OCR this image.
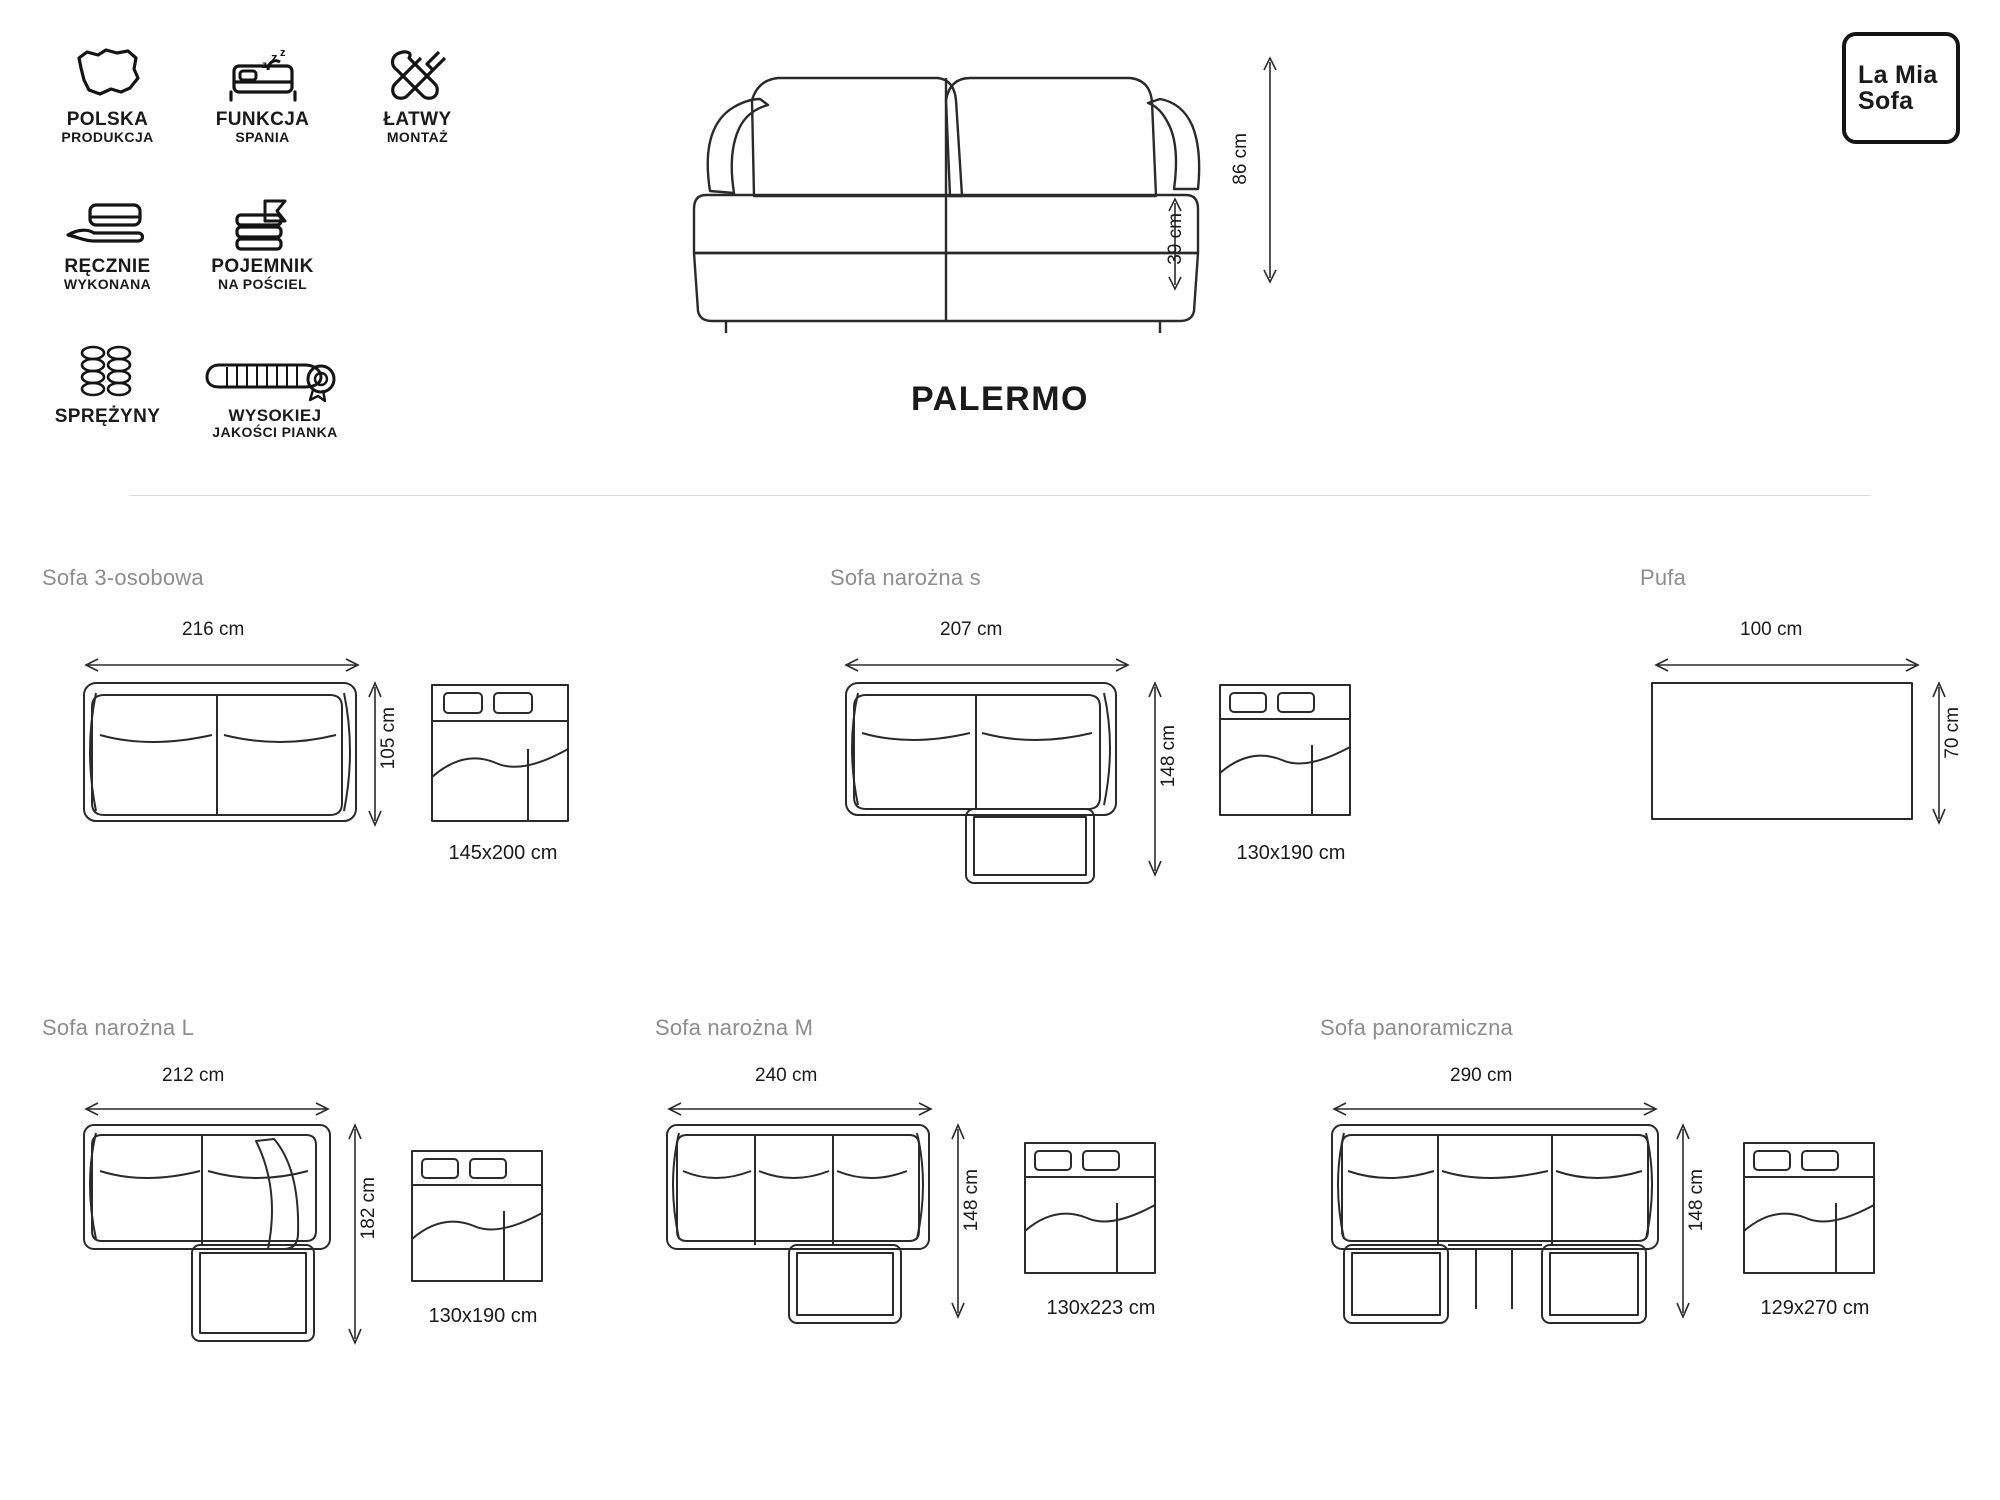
POLSKA
PRODUKCJA
z z
z
FUNKCJA
SPANIA
ŁATWY
MONTAŻ
RĘCZNIE
WYKONANA
POJEMNIK
NA POŚCIEL
SPRĘŻYNY	WYSOKIEJ
JAKOŚCI PIANKA
La Mia
Sofa
86 cm
39 cm
PALERMO
Sofa 3-osobowa
216 cm
105 cm
145x200 cm
Sofa narożna s
207 cm
148 cm
130x190 cm
Pufa
100 cm
70 cm
Sofa narożna L
212 cm
182 cm
130x190 cm
Sofa narożna M
240 cm
148 cm
130x223 cm
Sofa panoramiczna
290 cm
148 cm
129x270 cm
